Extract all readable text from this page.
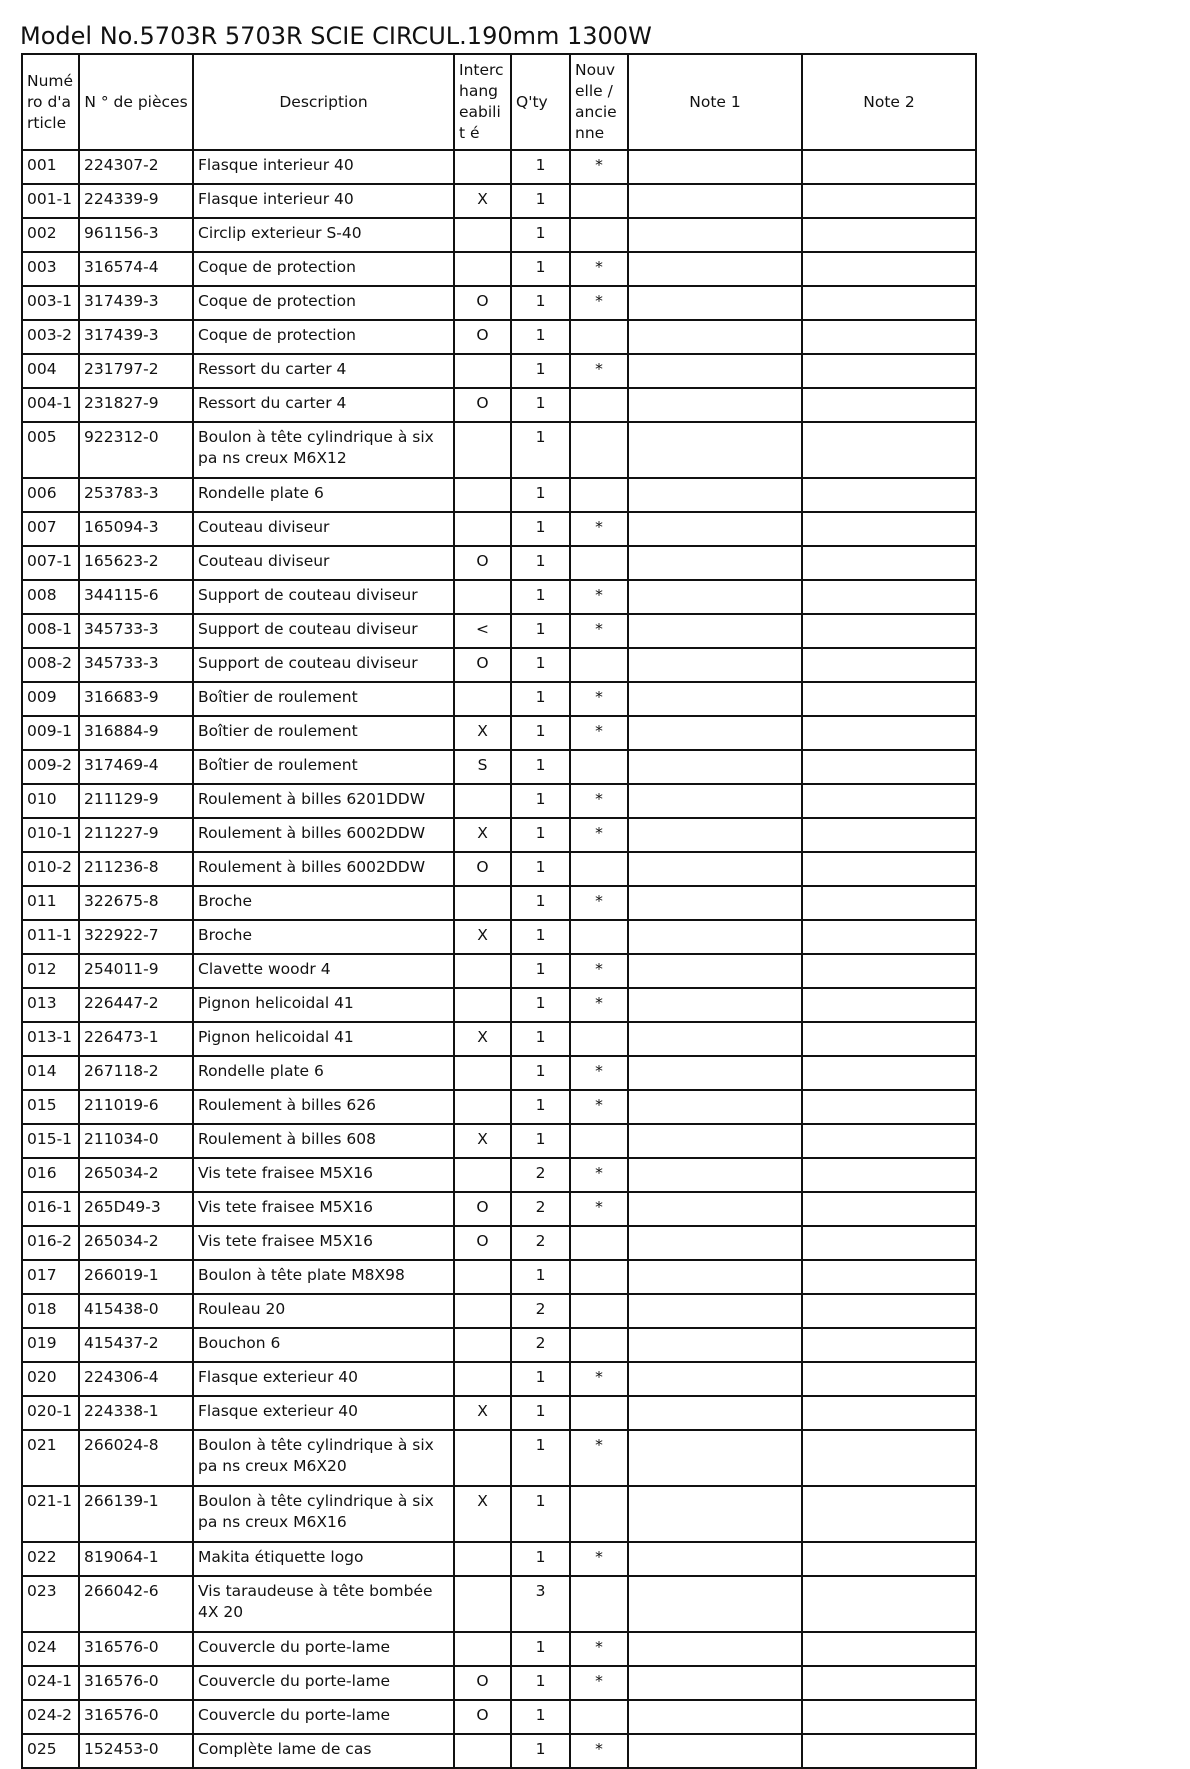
Model No.5703R 5703R SCIE CIRCUL.190mm 1300W
Numé ro d'a rticle	N ° de pièces	Description	Interc hang eabilit é	Q'ty	Nouv elle / ancie nne	Note 1	Note 2
001	224307-2	Flasque interieur 40		1	*		
001-1	224339-9	Flasque interieur 40	X	1			
002	961156-3	Circlip exterieur S-40		1			
003	316574-4	Coque de protection		1	*		
003-1	317439-3	Coque de protection	O	1	*		
003-2	317439-3	Coque de protection	O	1			
004	231797-2	Ressort du carter 4		1	*		
004-1	231827-9	Ressort du carter 4	O	1			
005	922312-0	Boulon à tête cylindrique à six pa ns creux M6X12		1			
006	253783-3	Rondelle plate 6		1			
007	165094-3	Couteau diviseur		1	*		
007-1	165623-2	Couteau diviseur	O	1			
008	344115-6	Support de couteau diviseur		1	*		
008-1	345733-3	Support de couteau diviseur	<	1	*		
008-2	345733-3	Support de couteau diviseur	O	1			
009	316683-9	Boîtier de roulement		1	*		
009-1	316884-9	Boîtier de roulement	X	1	*		
009-2	317469-4	Boîtier de roulement	S	1			
010	211129-9	Roulement à billes 6201DDW		1	*		
010-1	211227-9	Roulement à billes 6002DDW	X	1	*		
010-2	211236-8	Roulement à billes 6002DDW	O	1			
011	322675-8	Broche		1	*		
011-1	322922-7	Broche	X	1			
012	254011-9	Clavette woodr 4		1	*		
013	226447-2	Pignon helicoidal 41		1	*		
013-1	226473-1	Pignon helicoidal 41	X	1			
014	267118-2	Rondelle plate 6		1	*		
015	211019-6	Roulement à billes 626		1	*		
015-1	211034-0	Roulement à billes 608	X	1			
016	265034-2	Vis tete fraisee M5X16		2	*		
016-1	265D49-3	Vis tete fraisee M5X16	O	2	*		
016-2	265034-2	Vis tete fraisee M5X16	O	2			
017	266019-1	Boulon à tête plate M8X98		1			
018	415438-0	Rouleau 20		2			
019	415437-2	Bouchon 6		2			
020	224306-4	Flasque exterieur 40		1	*		
020-1	224338-1	Flasque exterieur 40	X	1			
021	266024-8	Boulon à tête cylindrique à six pa ns creux M6X20		1	*		
021-1	266139-1	Boulon à tête cylindrique à six pa ns creux M6X16	X	1			
022	819064-1	Makita étiquette logo		1	*		
023	266042-6	Vis taraudeuse à tête bombée 4X 20		3			
024	316576-0	Couvercle du porte-lame		1	*		
024-1	316576-0	Couvercle du porte-lame	O	1	*		
024-2	316576-0	Couvercle du porte-lame	O	1			
025	152453-0	Complète lame de cas		1	*		
